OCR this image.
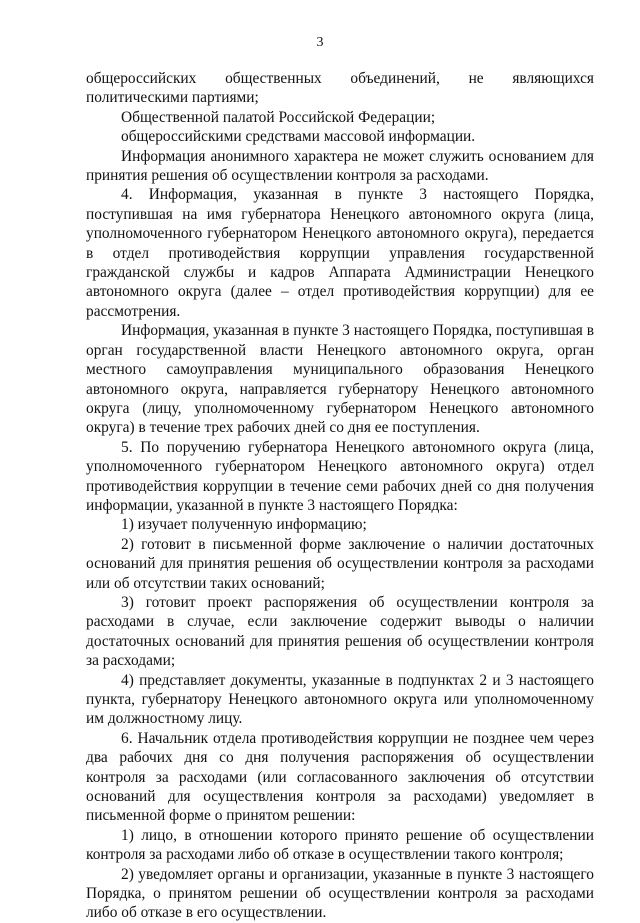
3

общероссийских общественных объединений, не являющихся политическими партиями;

Общественной палатой Российской Федерации;

общероссийскими средствами массовой информации.

Информация анонимного характера не может служить основанием для принятия решения об осуществлении контроля за расходами.

4. Информация, указанная в пункте 3 настоящего Порядка, поступившая на имя губернатора Ненецкого автономного округа (лица, уполномоченного губернатором Ненецкого автономного округа), передается в отдел противодействия коррупции управления государственной гражданской службы и кадров Аппарата Администрации Ненецкого автономного округа (далее – отдел противодействия коррупции) для ее рассмотрения.

Информация, указанная в пункте 3 настоящего Порядка, поступившая в орган государственной власти Ненецкого автономного округа, орган местного самоуправления муниципального образования Ненецкого автономного округа, направляется губернатору Ненецкого автономного округа (лицу, уполномоченному губернатором Ненецкого автономного округа) в течение трех рабочих дней со дня ее поступления.

5. По поручению губернатора Ненецкого автономного округа (лица, уполномоченного губернатором Ненецкого автономного округа) отдел противодействия коррупции в течение семи рабочих дней со дня получения информации, указанной в пункте 3 настоящего Порядка:

1) изучает полученную информацию;

2) готовит в письменной форме заключение о наличии достаточных оснований для принятия решения об осуществлении контроля за расходами или об отсутствии таких оснований;

3) готовит проект распоряжения об осуществлении контроля за расходами в случае, если заключение содержит выводы о наличии достаточных оснований для принятия решения об осуществлении контроля за расходами;

4) представляет документы, указанные в подпунктах 2 и 3 настоящего пункта, губернатору Ненецкого автономного округа или уполномоченному им должностному лицу.

6. Начальник отдела противодействия коррупции не позднее чем через два рабочих дня со дня получения распоряжения об осуществлении контроля за расходами (или согласованного заключения об отсутствии оснований для осуществления контроля за расходами) уведомляет в письменной форме о принятом решении:

1) лицо, в отношении которого принято решение об осуществлении контроля за расходами либо об отказе в осуществлении такого контроля;

2) уведомляет органы и организации, указанные в пункте 3 настоящего Порядка, о принятом решении об осуществлении контроля за расходами либо об отказе в его осуществлении.
